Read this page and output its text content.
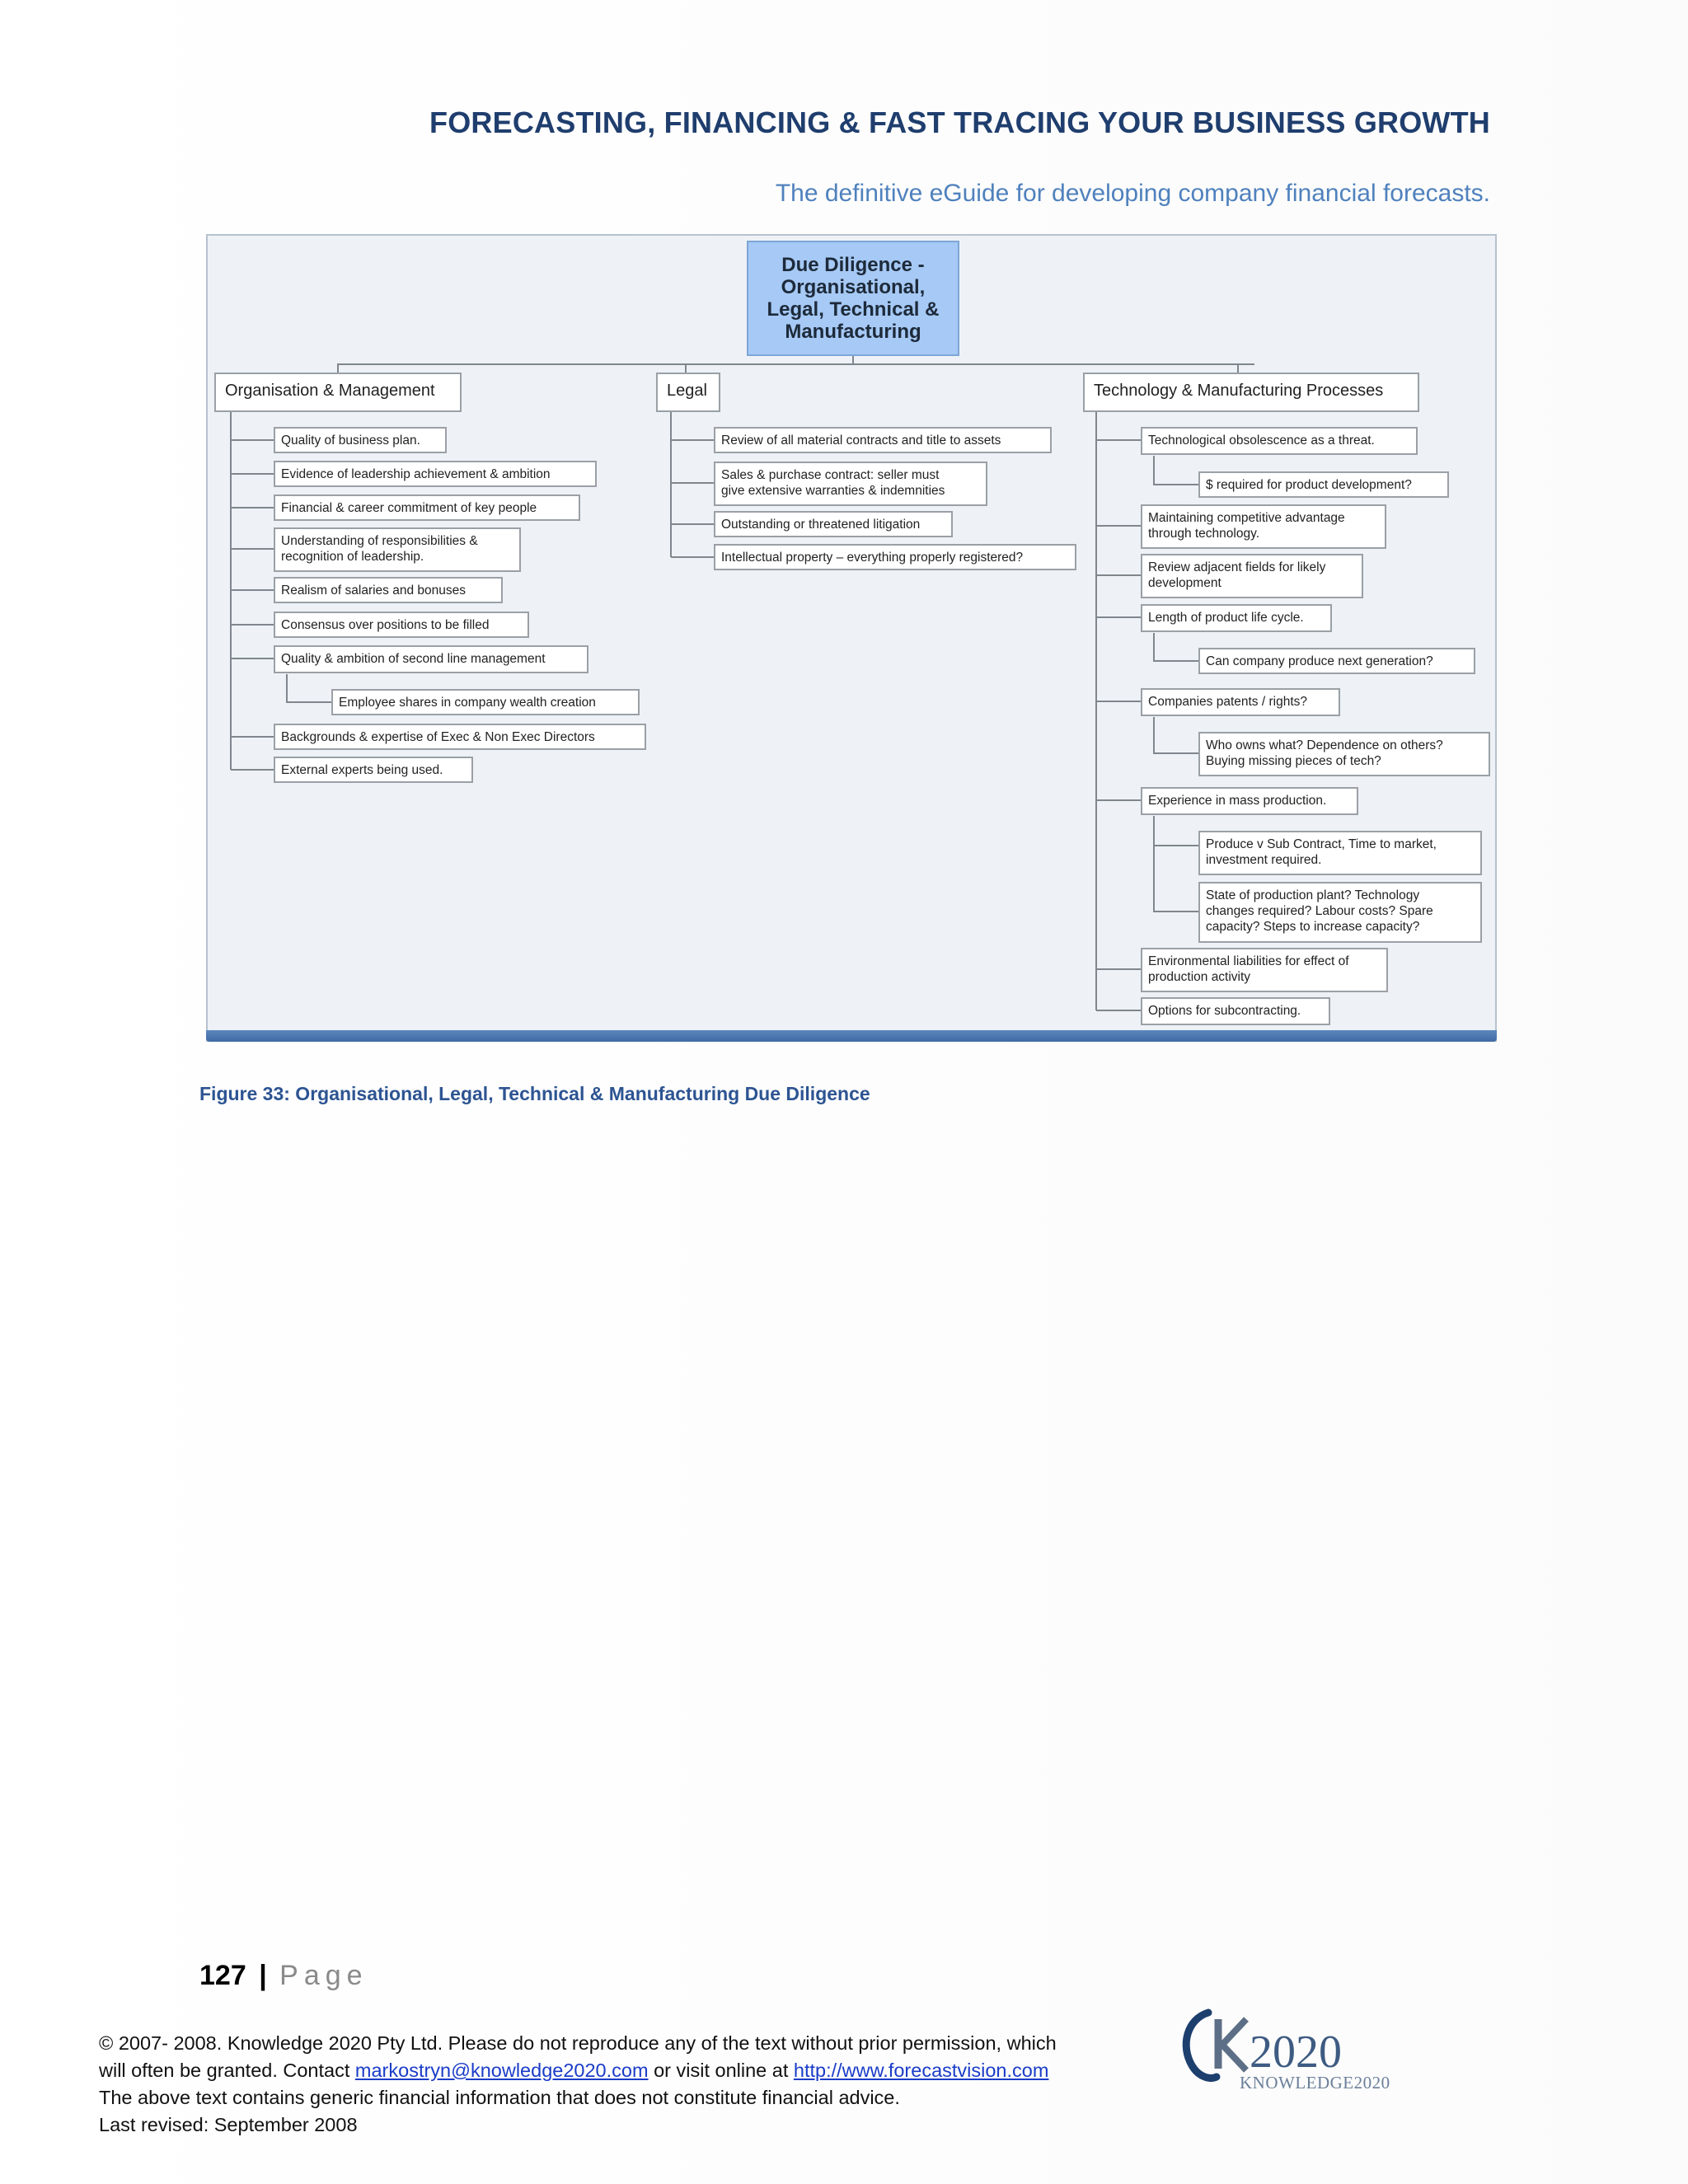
FORECASTING, FINANCING & FAST TRACING YOUR BUSINESS GROWTH
The definitive eGuide for developing company financial forecasts.
Due Diligence -
Organisational,
Legal, Technical &
Manufacturing
Organisation & Management	Legal	Technology & Manufacturing Processes
Quality of business plan.
Evidence of leadership achievement & ambition
Financial & career commitment of key people
Understanding of responsibilities &
recognition of leadership.
Realism of salaries and bonuses
Consensus over positions to be filled
Quality & ambition of second line management
Employee shares in company wealth creation
Backgrounds & expertise of Exec & Non Exec Directors
External experts being used.
Review of all material contracts and title to assets
Sales & purchase contract: seller must
give extensive warranties & indemnities
Outstanding or threatened litigation
Intellectual property – everything properly registered?
Technological obsolescence as a threat.
$ required for product development?
Maintaining competitive advantage
through technology.
Review adjacent fields for likely
development
Length of product life cycle.
Can company produce next generation?
Companies patents / rights?
Who owns what? Dependence on others?
Buying missing pieces of tech?
Experience in mass production.
Produce v Sub Contract, Time to market,
investment required.
State of production plant? Technology
changes required? Labour costs? Spare
capacity? Steps to increase capacity?
Environmental liabilities for effect of
production activity
Options for subcontracting.
Figure 33: Organisational, Legal, Technical & Manufacturing Due Diligence
127 | Page
© 2007- 2008. Knowledge 2020 Pty Ltd. Please do not reproduce any of the text without prior permission, which
will often be granted. Contact markostryn@knowledge2020.com or visit online at http://www.forecastvision.com
The above text contains generic financial information that does not constitute financial advice.
Last revised: September 2008
2020
KNOWLEDGE2020
